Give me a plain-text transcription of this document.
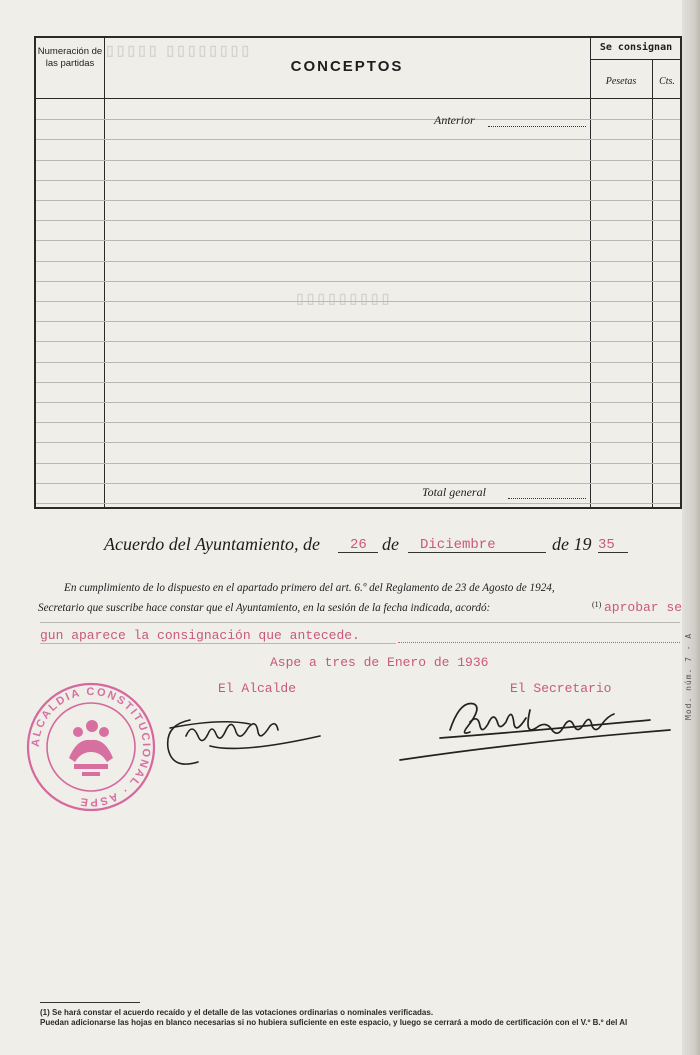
Mod. núm. 7 - A
▯▯▯▯▯ ▯▯▯▯▯▯▯▯
▯▯▯▯▯▯▯▯▯
Numeración de las partidas	CONCEPTOS
Se consignan
Pesetas	Cts.
Anterior
Total general
Acuerdo del Ayuntamiento, de 26 de Diciembre	de 19 35
En cumplimiento de lo dispuesto en el apartado primero del art. 6.º del Reglamento de 23 de Agosto de 1924,
Secretario que suscribe hace constar que el Ayuntamiento, en la sesión de la fecha indicada, acordó:	(1) aprobar se
gun aparece la consignación que antecede.
Aspe a tres de Enero de 1936
El Alcalde	El Secretario
ALCALDIA CONSTITUCIONAL · ASPE
(1) Se hará constar el acuerdo recaído y el detalle de las votaciones ordinarias o nominales verificadas.
Puedan adicionarse las hojas en blanco necesarias si no hubiera suficiente en este espacio, y luego se cerrará a modo de certificación con el V.º B.º del Al
